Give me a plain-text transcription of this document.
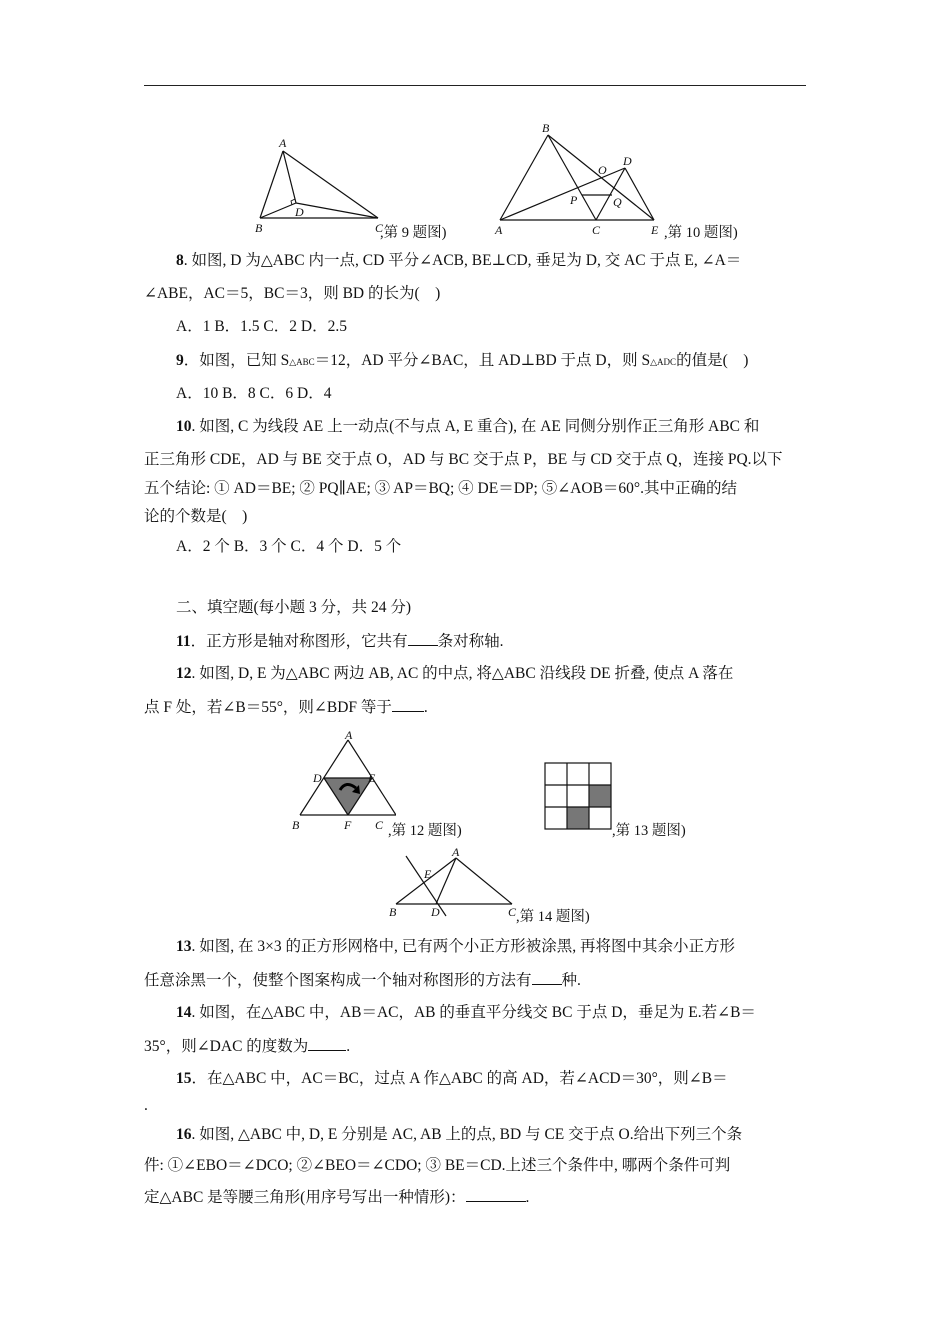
A
B	C
D
,第 9 题图)
B
A	C	E
D
O
P	Q
,第 10 题图)
8. 如图, D 为△ABC 内一点, CD 平分∠ACB, BE⊥CD, 垂足为 D, 交 AC 于点 E, ∠A＝
∠ABE，AC＝5，BC＝3，则 BD 的长为(　)
A．1 B．1.5 C．2 D．2.5
9．如图，已知 S△ABC＝12，AD 平分∠BAC，且 AD⊥BD 于点 D，则 S△ADC的值是(　)
A．10 B．8 C．6 D．4
10. 如图, C 为线段 AE 上一动点(不与点 A, E 重合), 在 AE 同侧分别作正三角形 ABC 和
正三角形 CDE，AD 与 BE 交于点 O，AD 与 BC 交于点 P，BE 与 CD 交于点 Q，连接 PQ.以下
五个结论: ① AD＝BE; ② PQ∥AE; ③ AP＝BQ; ④ DE＝DP; ⑤∠AOB＝60°.其中正确的结
论的个数是(　)
A．2 个 B．3 个 C．4 个 D．5 个
二、填空题(每小题 3 分，共 24 分)
11．正方形是轴对称图形，它共有 条对称轴.
12. 如图, D, E 为△ABC 两边 AB, AC 的中点, 将△ABC 沿线段 DE 折叠, 使点 A 落在
点 F 处，若∠B＝55°，则∠BDF 等于 .
A
D	E
B	F C ,第 12 题图)	,第 13 题图)
A
E
B	D	C ,第 14 题图)
13. 如图, 在 3×3 的正方形网格中, 已有两个小正方形被涂黑, 再将图中其余小正方形
任意涂黑一个，使整个图案构成一个轴对称图形的方法有 种.
14. 如图，在△ABC 中，AB＝AC，AB 的垂直平分线交 BC 于点 D，垂足为 E.若∠B＝
35°，则∠DAC 的度数为 .
15．在△ABC 中，AC＝BC，过点 A 作△ABC 的高 AD，若∠ACD＝30°，则∠B＝
.
16. 如图, △ABC 中, D, E 分别是 AC, AB 上的点, BD 与 CE 交于点 O.给出下列三个条
件: ①∠EBO＝∠DCO; ②∠BEO＝∠CDO; ③ BE＝CD.上述三个条件中, 哪两个条件可判
定△ABC 是等腰三角形(用序号写出一种情形)：	.
